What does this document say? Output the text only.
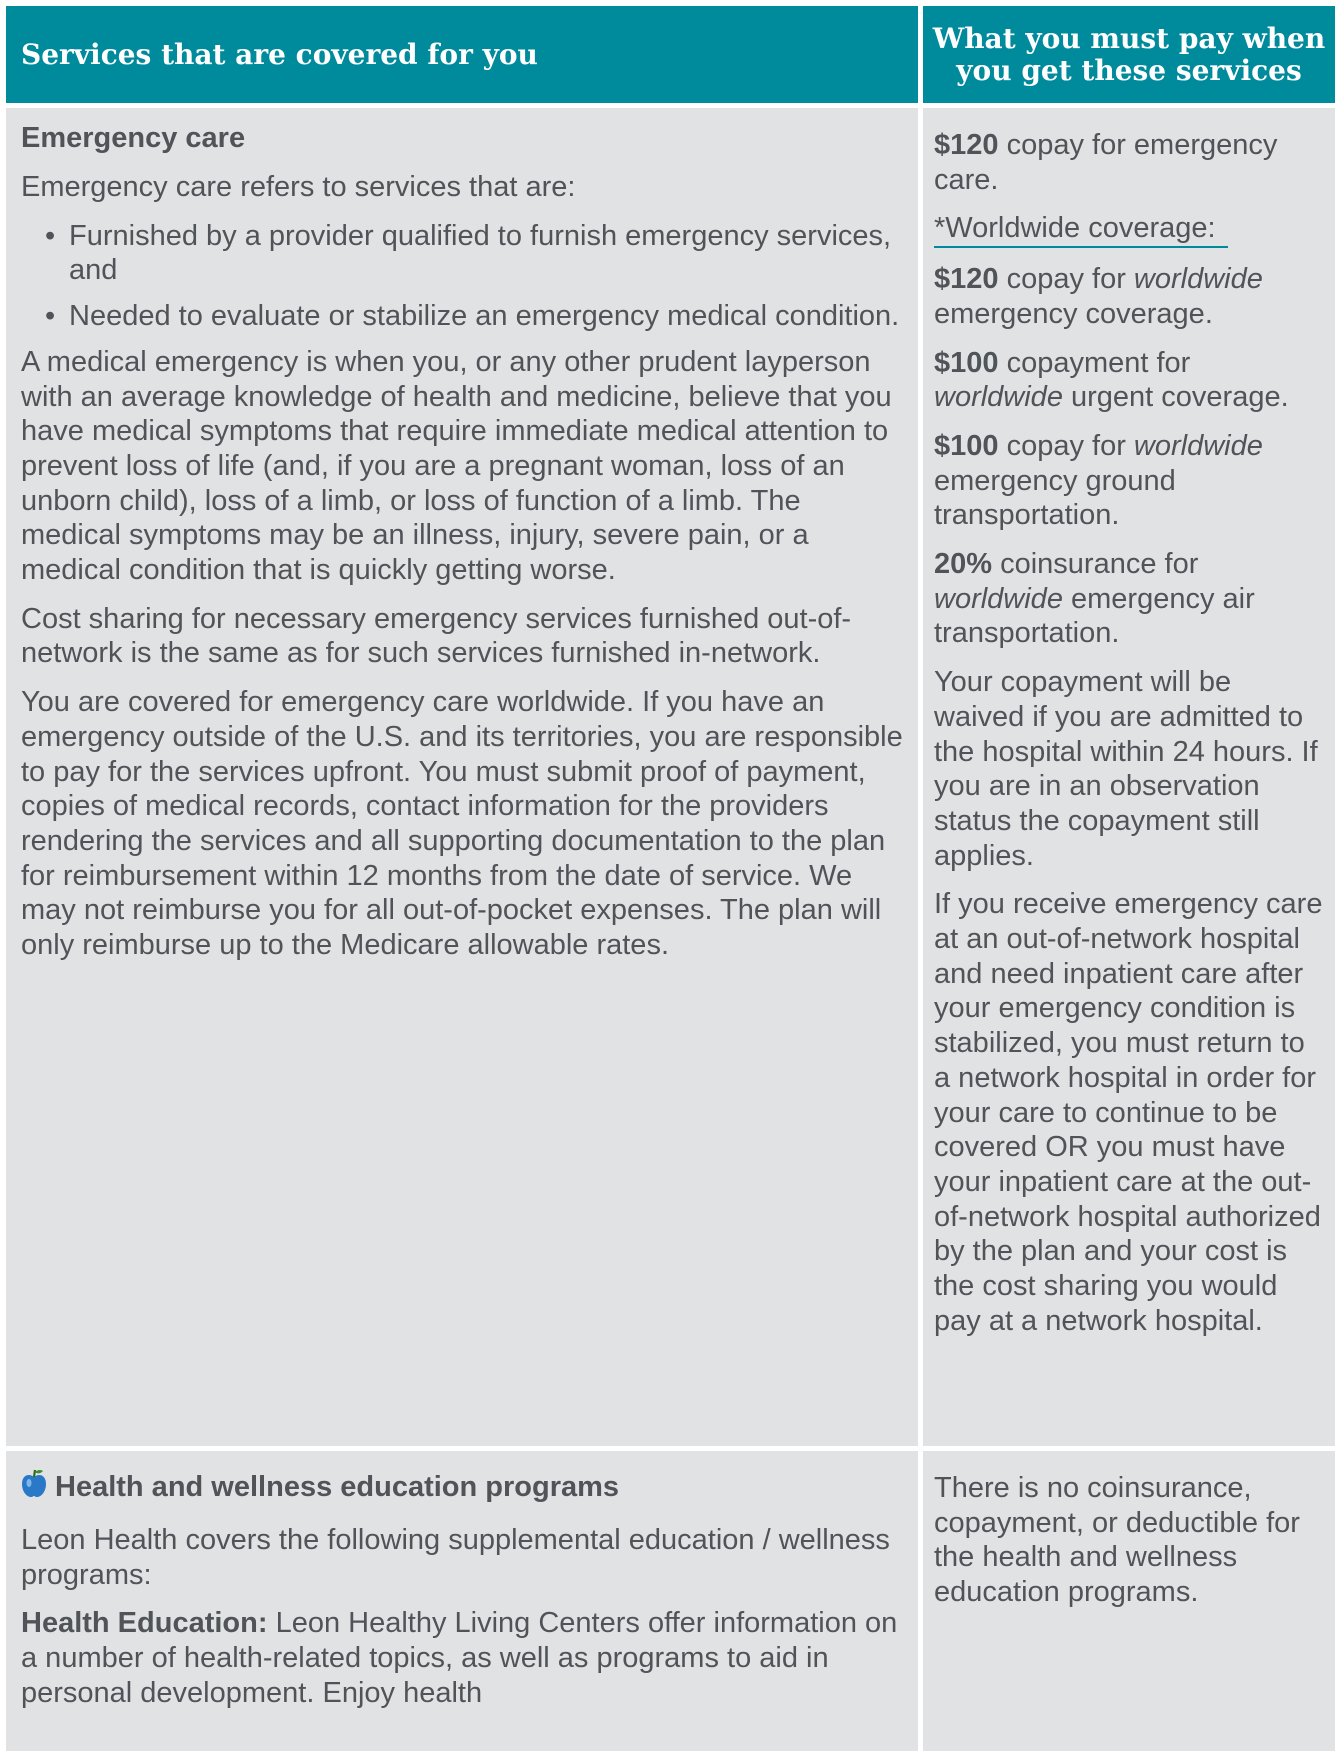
Services that are covered for you	What you must pay when
you get these services
Emergency care

Emergency care refers to services that are:

• Furnished by a provider qualified to furnish emergency services, and
• Needed to evaluate or stabilize an emergency medical condition.

A medical emergency is when you, or any other prudent layperson with an average knowledge of health and medicine, believe that you have medical symptoms that require immediate medical attention to prevent loss of life (and, if you are a pregnant woman, loss of an unborn child), loss of a limb, or loss of function of a limb. The medical symptoms may be an illness, injury, severe pain, or a medical condition that is quickly getting worse.

Cost sharing for necessary emergency services furnished out-of-network is the same as for such services furnished in-network.

You are covered for emergency care worldwide. If you have an emergency outside of the U.S. and its territories, you are responsible to pay for the services upfront. You must submit proof of payment, copies of medical records, contact information for the providers rendering the services and all supporting documentation to the plan for reimbursement within 12 months from the date of service. We may not reimburse you for all out-of-pocket expenses. The plan will only reimburse up to the Medicare allowable rates.

$120 copay for emergency care.

*Worldwide coverage:

$120 copay for worldwide emergency coverage.

$100 copayment for worldwide urgent coverage.

$100 copay for worldwide emergency ground transportation.

20% coinsurance for worldwide emergency air transportation.

Your copayment will be waived if you are admitted to the hospital within 24 hours. If you are in an observation status the copayment still applies.

If you receive emergency care at an out-of-network hospital and need inpatient care after your emergency condition is stabilized, you must return to a network hospital in order for your care to continue to be covered OR you must have your inpatient care at the out-of-network hospital authorized by the plan and your cost is the cost sharing you would pay at a network hospital.

Health and wellness education programs

Leon Health covers the following supplemental education / wellness programs:

Health Education: Leon Healthy Living Centers offer information on a number of health-related topics, as well as programs to aid in personal development. Enjoy health

There is no coinsurance, copayment, or deductible for the health and wellness education programs.
